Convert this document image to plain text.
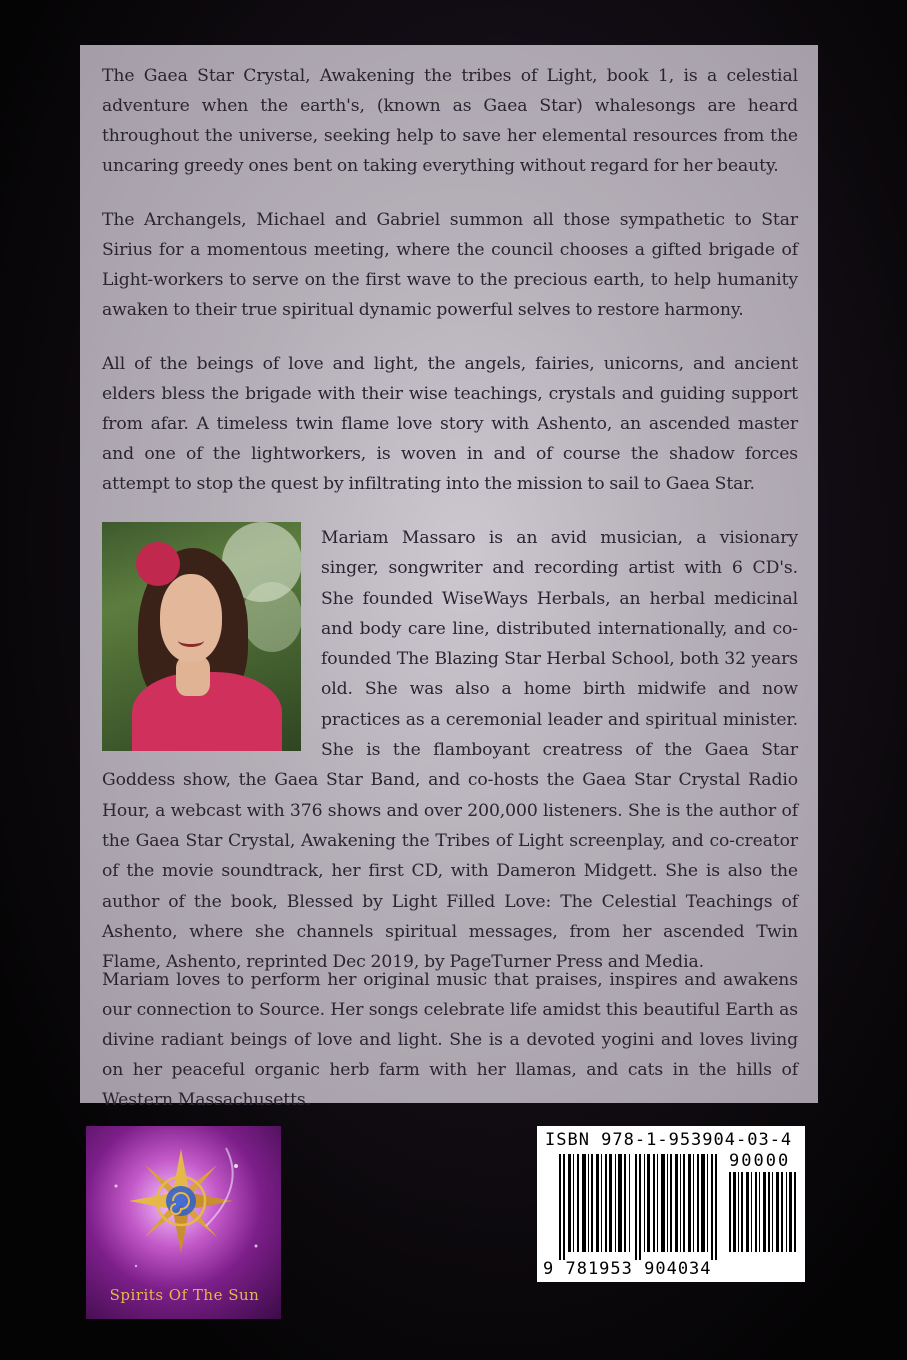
The Gaea Star Crystal, Awakening the tribes of Light, book 1, is a celestial adventure when the earth's, (known as Gaea Star) whalesongs are heard throughout the universe, seeking help to save her elemental resources from the uncaring greedy ones bent on taking everything without regard for her beauty.

The Archangels, Michael and Gabriel summon all those sympathetic to Star Sirius for a momentous meeting, where the council chooses a gifted brigade of Light-workers to serve on the first wave to the precious earth, to help humanity awaken to their true spiritual dynamic powerful selves to restore harmony.

All of the beings of love and light, the angels, fairies, unicorns, and ancient elders bless the brigade with their wise teachings, crystals and guiding support from afar. A timeless twin flame love story with Ashento, an ascended master and one of the lightworkers, is woven in and of course the shadow forces attempt to stop the quest by infiltrating into the mission to sail to Gaea Star.

Mariam Massaro is an avid musician, a visionary singer, songwriter and recording artist with 6 CD's. She founded WiseWays Herbals, an herbal medicinal and body care line, distributed internationally, and co-founded The Blazing Star Herbal School, both 32 years old. She was also a home birth midwife and now practices as a ceremonial leader and spiritual minister. She is the flamboyant creatress of the Gaea Star Goddess show, the Gaea Star Band, and co-hosts the Gaea Star Crystal Radio Hour, a webcast with 376 shows and over 200,000 listeners. She is the author of the Gaea Star Crystal, Awakening the Tribes of Light screenplay, and co-creator of the movie soundtrack, her first CD, with Dameron Midgett. She is also the author of the book, Blessed by Light Filled Love: The Celestial Teachings of Ashento, where she channels spiritual messages, from her ascended Twin Flame, Ashento, reprinted Dec 2019, by PageTurner Press and Media.

Mariam loves to perform her original music that praises, inspires and awakens our connection to Source. Her songs celebrate life amidst this beautiful Earth as divine radiant beings of love and light. She is a devoted yogini and loves living on her peaceful organic herb farm with her llamas, and cats in the hills of Western Massachusetts.

Spirits Of The Sun
ISBN 978-1-953904-03-4
90000
9 781953 904034
